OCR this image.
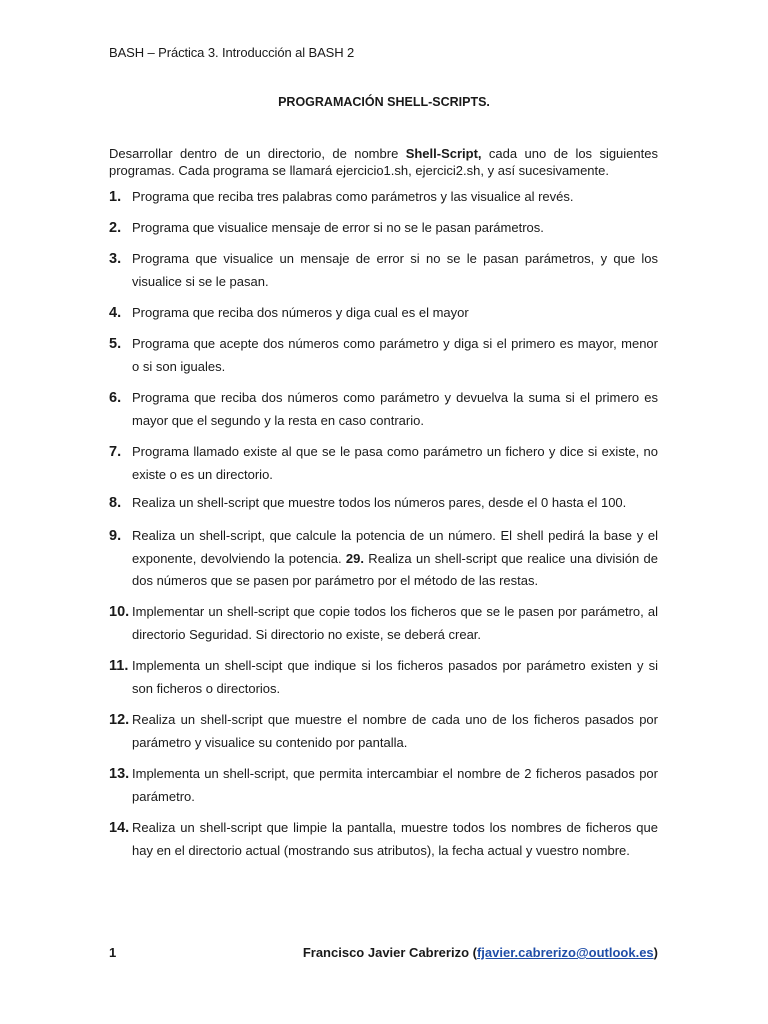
BASH – Práctica 3. Introducción al BASH 2
PROGRAMACIÓN SHELL-SCRIPTS.
Desarrollar dentro de un directorio, de nombre Shell-Script, cada uno de los siguientes programas. Cada programa se llamará ejercicio1.sh, ejercici2.sh, y así sucesivamente.
1. Programa que reciba tres palabras como parámetros y las visualice al revés.
2. Programa que visualice mensaje de error si no se le pasan parámetros.
3. Programa que visualice un mensaje de error si no se le pasan parámetros, y que los visualice si se le pasan.
4. Programa que reciba dos números y diga cual es el mayor
5. Programa que acepte dos números como parámetro y diga si el primero es mayor, menor o si son iguales.
6. Programa que reciba dos números como parámetro y devuelva la suma si el primero es mayor que el segundo y la resta en caso contrario.
7. Programa llamado existe al que se le pasa como parámetro un fichero y dice si existe, no existe o es un directorio.
8. Realiza un shell-script que muestre todos los números pares, desde el 0 hasta el 100.
9. Realiza un shell-script, que calcule la potencia de un número. El shell pedirá la base y el exponente, devolviendo la potencia. 29. Realiza un shell-script que realice una división de dos números que se pasen por parámetro por el método de las restas.
10. Implementar un shell-script que copie todos los ficheros que se le pasen por parámetro, al directorio Seguridad. Si directorio no existe, se deberá crear.
11. Implementa un shell-scipt que indique si los ficheros pasados por parámetro existen y si son ficheros o directorios.
12. Realiza un shell-script que muestre el nombre de cada uno de los ficheros pasados por parámetro y visualice su contenido por pantalla.
13. Implementa un shell-script, que permita intercambiar el nombre de 2 ficheros pasados por parámetro.
14. Realiza un shell-script que limpie la pantalla, muestre todos los nombres de ficheros que hay en el directorio actual (mostrando sus atributos), la fecha actual y vuestro nombre.
1	Francisco Javier Cabrerizo (fjavier.cabrerizo@outlook.es)
